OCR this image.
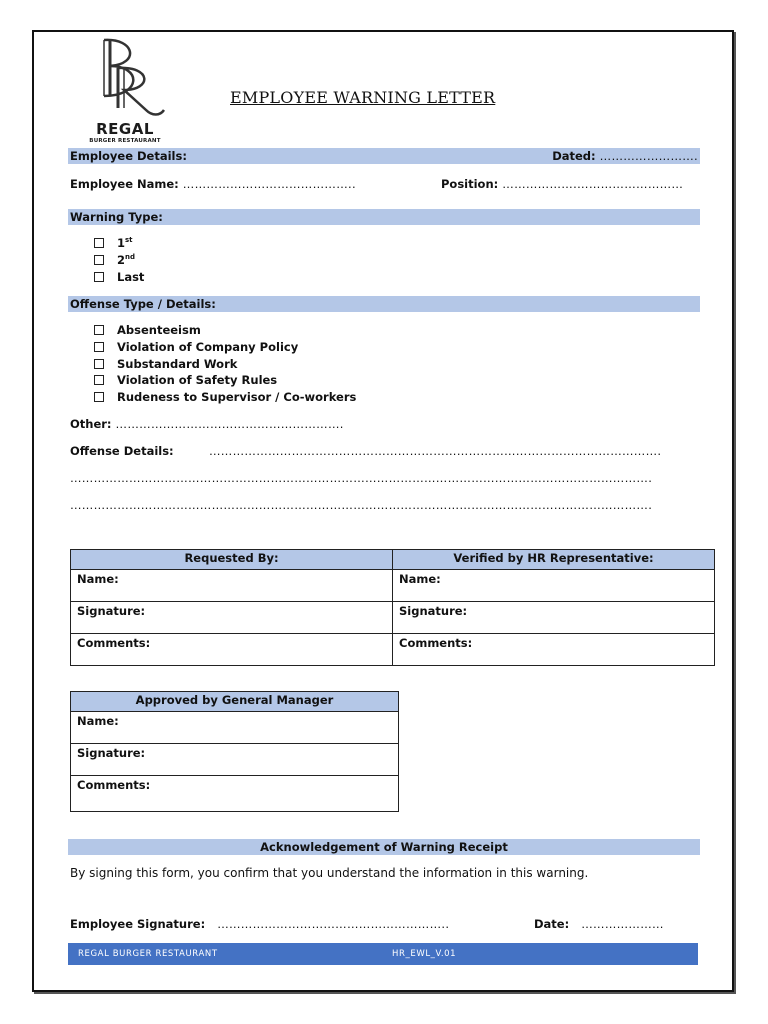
REGAL
BURGER RESTAURANT
EMPLOYEE WARNING LETTER
Employee Details:	Dated: …………………….
Employee Name: ……………………………………..	Position: ……………….………………………
Warning Type:
1st
2nd
Last
Offense Type / Details:
Absenteeism
Violation of Company Policy
Substandard Work
Violation of Safety Rules
Rudeness to Supervisor / Co-workers
Other: ………………………………………………….
Offense Details:	…………………………………………………………………………………………………….
………………………………………………………………………………………………………………………………….
………………………………………………………………………………………………………………………………….
Requested By:	Verified by HR Representative:
Name:	Name:
Signature:	Signature:
Comments:	Comments:
Approved by General Manager
Name:
Signature:
Comments:
Acknowledgement of Warning Receipt
By signing this form, you confirm that you understand the information in this warning.
Employee Signature: …………………………………………………..	Date: …………………
REGAL BURGER RESTAURANT	HR_EWL_V.01
